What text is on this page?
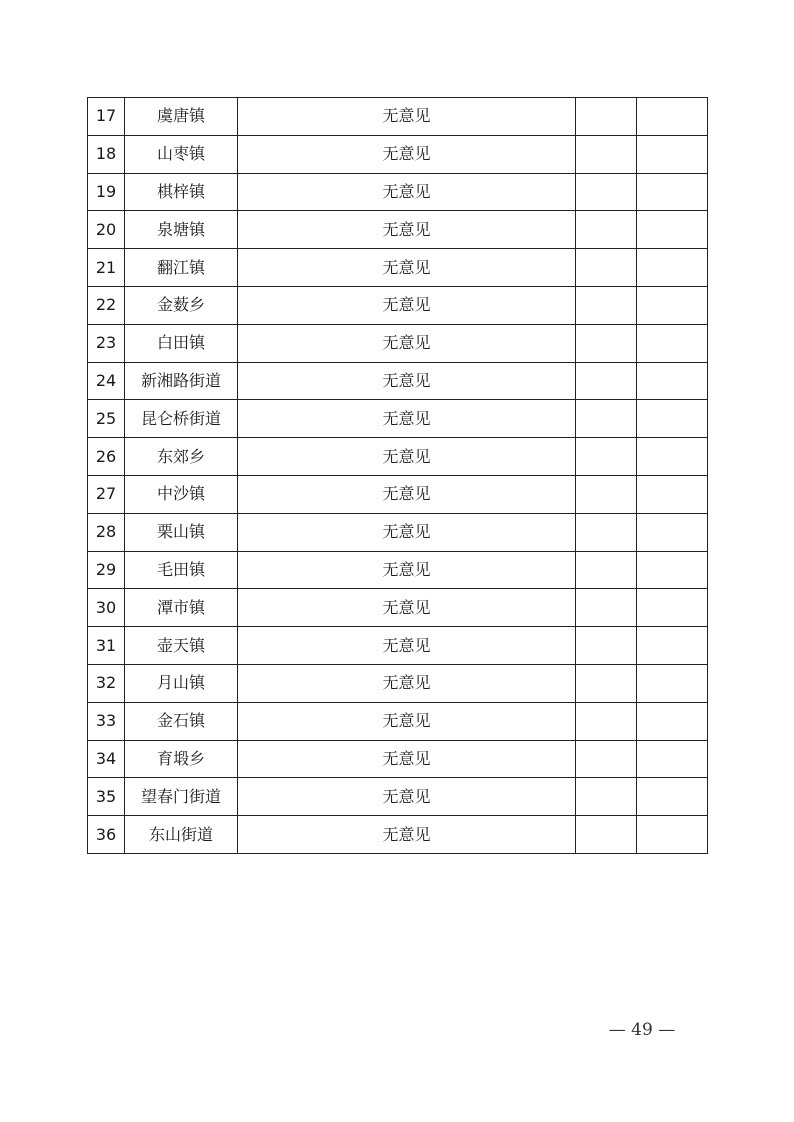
17	虞唐镇	无意见		
18	山枣镇	无意见		
19	棋梓镇	无意见		
20	泉塘镇	无意见		
21	翻江镇	无意见		
22	金薮乡	无意见		
23	白田镇	无意见		
24	新湘路街道	无意见		
25	昆仑桥街道	无意见		
26	东郊乡	无意见		
27	中沙镇	无意见		
28	栗山镇	无意见		
29	毛田镇	无意见		
30	潭市镇	无意见		
31	壶天镇	无意见		
32	月山镇	无意见		
33	金石镇	无意见		
34	育塅乡	无意见		
35	望春门街道	无意见		
36	东山街道	无意见		
— 49 —
